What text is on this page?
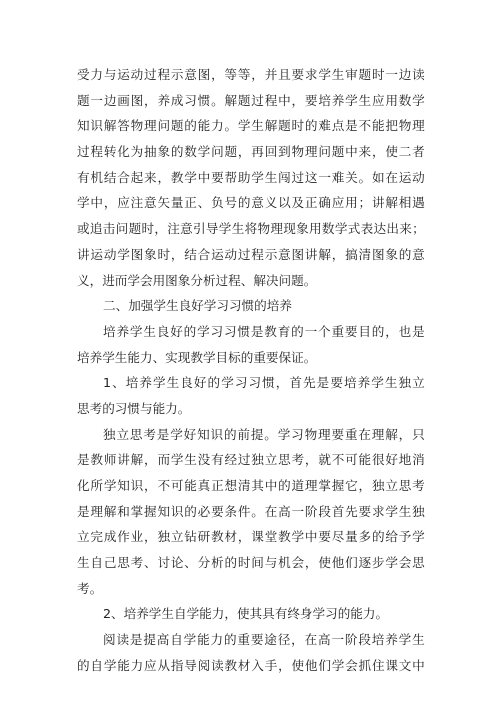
受 力 与 运 动 过 程 示 意 图 ， 等 等 ， 并 且 要 求 学 生 审 题 时 一 边 读
题 一 边 画 图 ， 养 成 习 惯 。 解 题 过 程 中 ， 要 培 养 学 生 应 用 数 学
知 识 解 答 物 理 问 题 的 能 力 。 学 生 解 题 时 的 难 点 是 不 能 把 物 理
过 程 转 化 为 抽 象 的 数 学 问 题 ， 再 回 到 物 理 问 题 中 来 ， 使 二 者
有 机 结 合 起 来 ， 教 学 中 要 帮 助 学 生 闯 过 这 一 难 关 。 如 在 运 动
学 中 ， 应 注 意 矢 量 正 、 负 号 的 意 义 以 及 正 确 应 用 ； 讲 解 相 遇
或 追 击 问 题 时 ， 注 意 引 导 学 生 将 物 理 现 象 用 数 学 式 表 达 出 来 ；
讲 运 动 学 图 象 时 ， 结 合 运 动 过 程 示 意 图 讲 解 ， 搞 清 图 象 的 意
义，进而学会用图象分析过程、解决问题。
二、加强学生良好学习习惯的培养
培 养 学 生 良 好 的 学 习 习 惯 是 教 育 的 一 个 重 要 目 的 ， 也 是
培养学生能力、实现教学目标的重要保证。
1 、 培 养 学 生 良 好 的 学 习 习 惯 ， 首 先 是 要 培 养 学 生 独 立
思考的习惯与能力。
独 立 思 考 是 学 好 知 识 的 前 提 。 学 习 物 理 要 重 在 理 解 ， 只
是 教 师 讲 解 ， 而 学 生 没 有 经 过 独 立 思 考 ， 就 不 可 能 很 好 地 消
化 所 学 知 识 ， 不 可 能 真 正 想 清 其 中 的 道 理 掌 握 它 ， 独 立 思 考
是 理 解 和 掌 握 知 识 的 必 要 条 件 。 在 高 一 阶 段 首 先 要 求 学 生 独
立 完 成 作 业 ， 独 立 钻 研 教 材 ， 课 堂 教 学 中 要 尽 量 多 的 给 予 学
生 自 己 思 考 、 讨 论 、 分 析 的 时 间 与 机 会 ， 使 他 们 逐 步 学 会 思
考。
2、培养学生自学能力，使其具有终身学习的能力。
阅 读 是 提 高 自 学 能 力 的 重 要 途 径 ， 在 高 一 阶 段 培 养 学 生
的 自 学 能 力 应 从 指 导 阅 读 教 材 入 手 ， 使 他 们 学 会 抓 住 课 文 中
